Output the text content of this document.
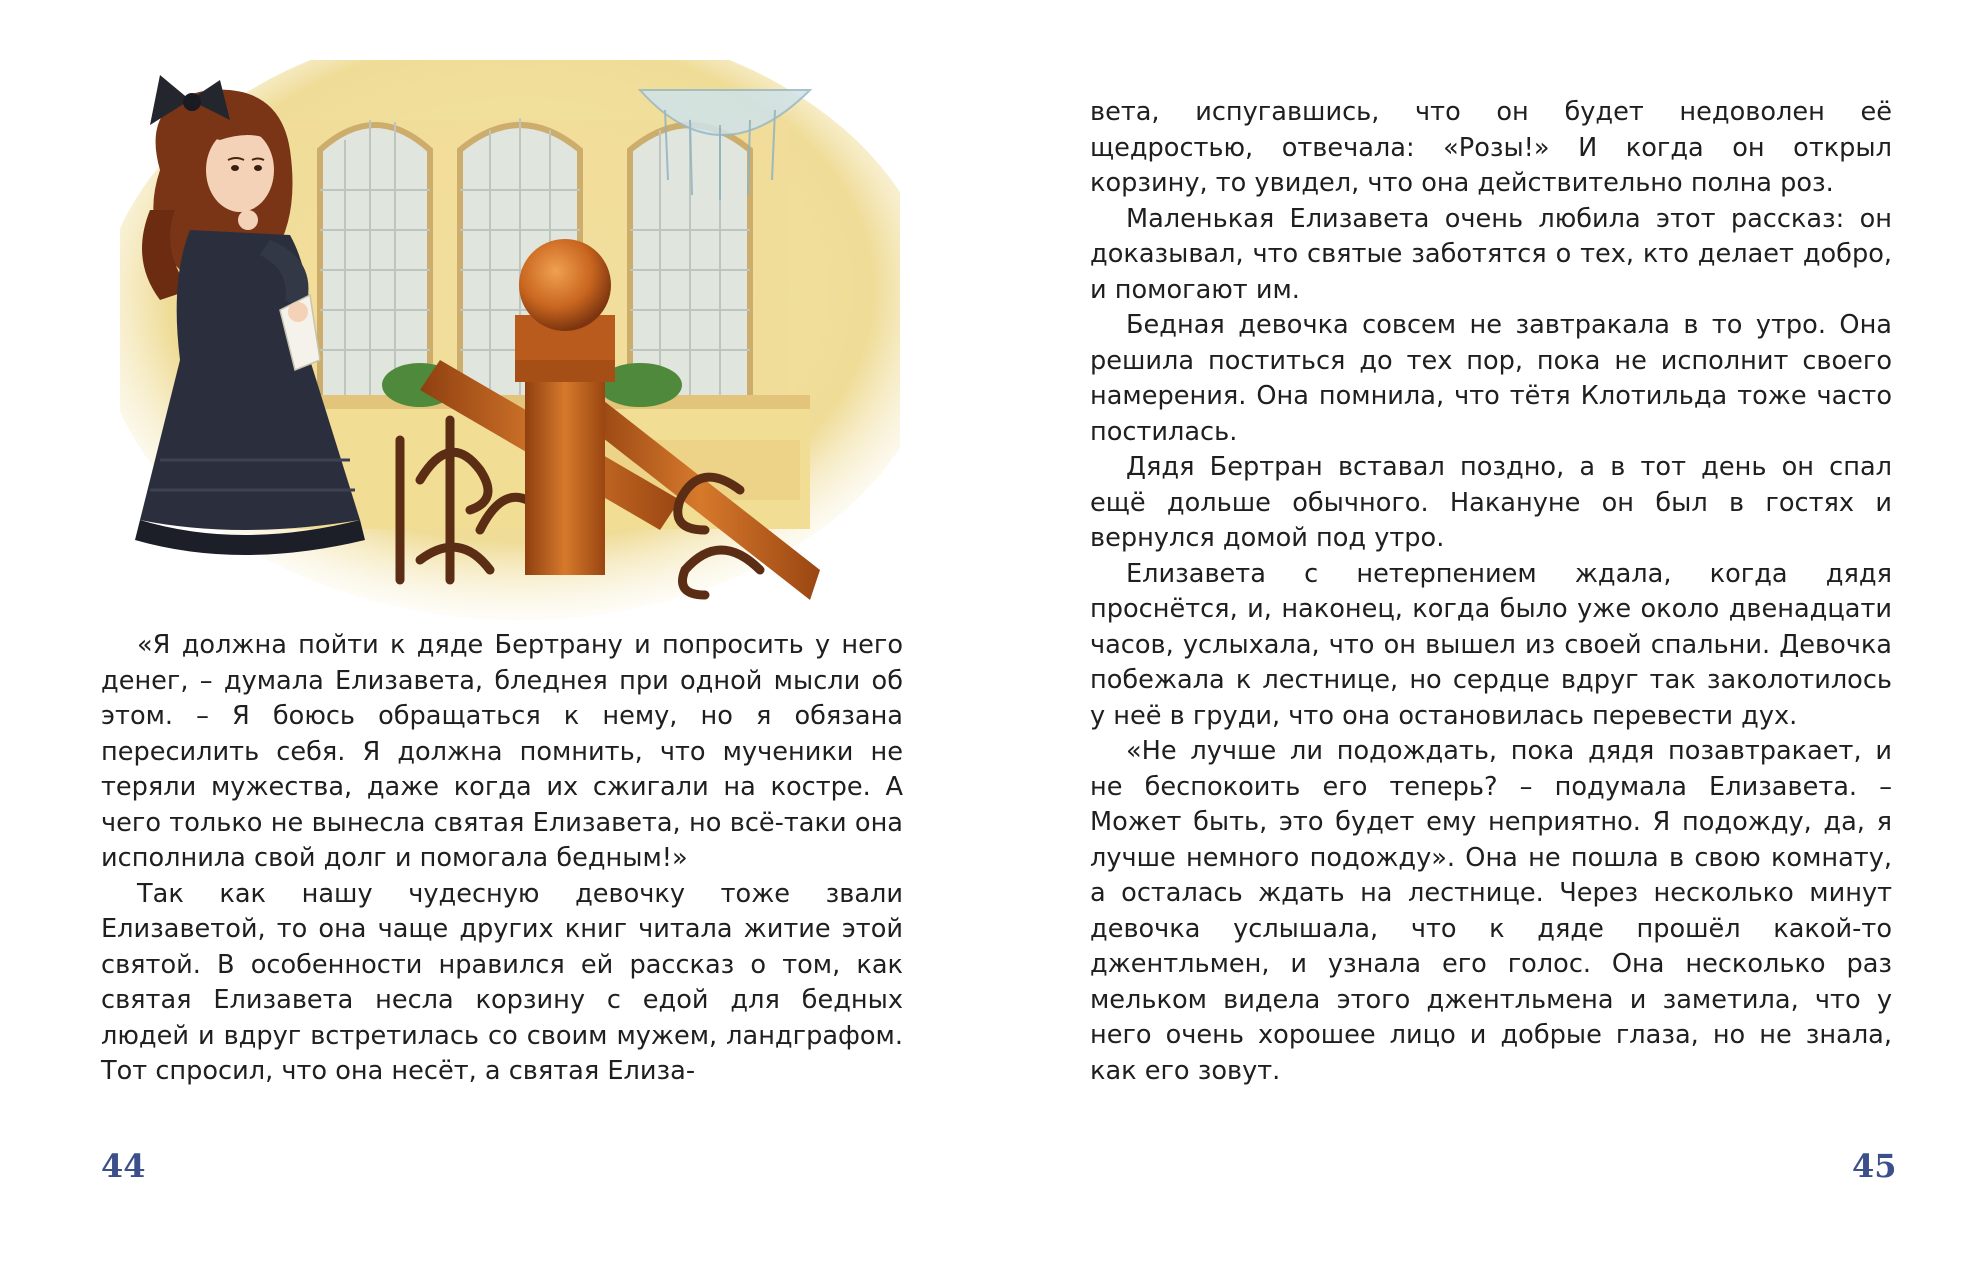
«Я должна пойти к дяде Бертрану и попросить у него денег, – думала Елизавета, бледнея при одной мысли об этом. – Я боюсь обращаться к нему, но я обязана пересилить себя. Я должна помнить, что мученики не теряли мужества, даже когда их сжигали на костре. А чего только не вынесла святая Елизавета, но всё-таки она исполнила свой долг и помогала бедным!»

Так как нашу чудесную девочку тоже звали Елизаветой, то она чаще других книг читала житие этой святой. В особенности нравился ей рассказ о том, как святая Елизавета несла корзину с едой для бедных людей и вдруг встретилась со своим мужем, ландграфом. Тот спросил, что она несёт, а святая Елиза-

44

вета, испугавшись, что он будет недоволен её щедростью, отвечала: «Розы!» И когда он открыл корзину, то увидел, что она действительно полна роз.

Маленькая Елизавета очень любила этот рассказ: он доказывал, что святые заботятся о тех, кто делает добро, и помогают им.

Бедная девочка совсем не завтракала в то утро. Она решила поститься до тех пор, пока не исполнит своего намерения. Она помнила, что тётя Клотильда тоже часто постилась.

Дядя Бертран вставал поздно, а в тот день он спал ещё дольше обычного. Накануне он был в гостях и вернулся домой под утро.

Елизавета с нетерпением ждала, когда дядя проснётся, и, наконец, когда было уже около двенадцати часов, услыхала, что он вышел из своей спальни. Девочка побежала к лестнице, но сердце вдруг так заколотилось у неё в груди, что она остановилась перевести дух.

«Не лучше ли подождать, пока дядя позавтракает, и не беспокоить его теперь? – подумала Елизавета. – Может быть, это будет ему неприятно. Я подожду, да, я лучше немного подожду». Она не пошла в свою комнату, а осталась ждать на лестнице. Через несколько минут девочка услышала, что к дяде прошёл какой-то джентльмен, и узнала его голос. Она несколько раз мельком видела этого джентльмена и заметила, что у него очень хорошее лицо и добрые глаза, но не знала, как его зовут.

45
